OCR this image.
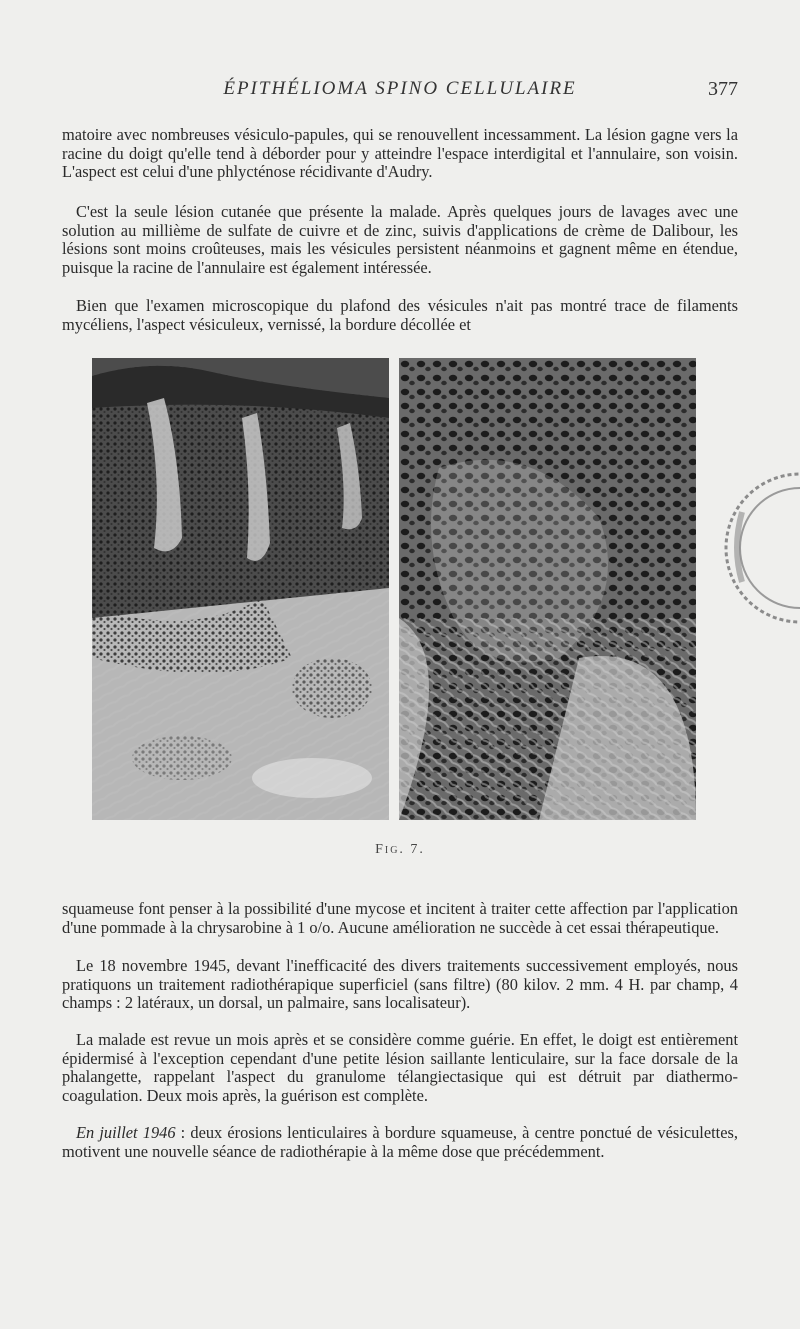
ÉPITHÉLIOMA SPINO CELLULAIRE	377

matoire avec nombreuses vésiculo-papules, qui se renouvellent incessamment. La lésion gagne vers la racine du doigt qu'elle tend à déborder pour y atteindre l'espace interdigital et l'annulaire, son voisin. L'aspect est celui d'une phlycténose récidivante d'Audry.

C'est la seule lésion cutanée que présente la malade. Après quelques jours de lavages avec une solution au millième de sulfate de cuivre et de zinc, suivis d'applications de crème de Dalibour, les lésions sont moins croûteuses, mais les vésicules persistent néanmoins et gagnent même en étendue, puisque la racine de l'annulaire est également intéressée.

Bien que l'examen microscopique du plafond des vésicules n'ait pas montré trace de filaments mycéliens, l'aspect vésiculeux, vernissé, la bordure décollée et

Fig. 7.

squameuse font penser à la possibilité d'une mycose et incitent à traiter cette affection par l'application d'une pommade à la chrysarobine à 1 o/o. Aucune amélioration ne succède à cet essai thérapeutique.

Le 18 novembre 1945, devant l'inefficacité des divers traitements successivement employés, nous pratiquons un traitement radiothérapique superficiel (sans filtre) (80 kilov. 2 mm. 4 H. par champ, 4 champs : 2 latéraux, un dorsal, un palmaire, sans localisateur).

La malade est revue un mois après et se considère comme guérie. En effet, le doigt est entièrement épidermisé à l'exception cependant d'une petite lésion saillante lenticulaire, sur la face dorsale de la phalangette, rappelant l'aspect du granulome télangiectasique qui est détruit par diathermo-coagulation. Deux mois après, la guérison est complète.

En juillet 1946 : deux érosions lenticulaires à bordure squameuse, à centre ponctué de vésiculettes, motivent une nouvelle séance de radiothérapie à la même dose que précédemment.
